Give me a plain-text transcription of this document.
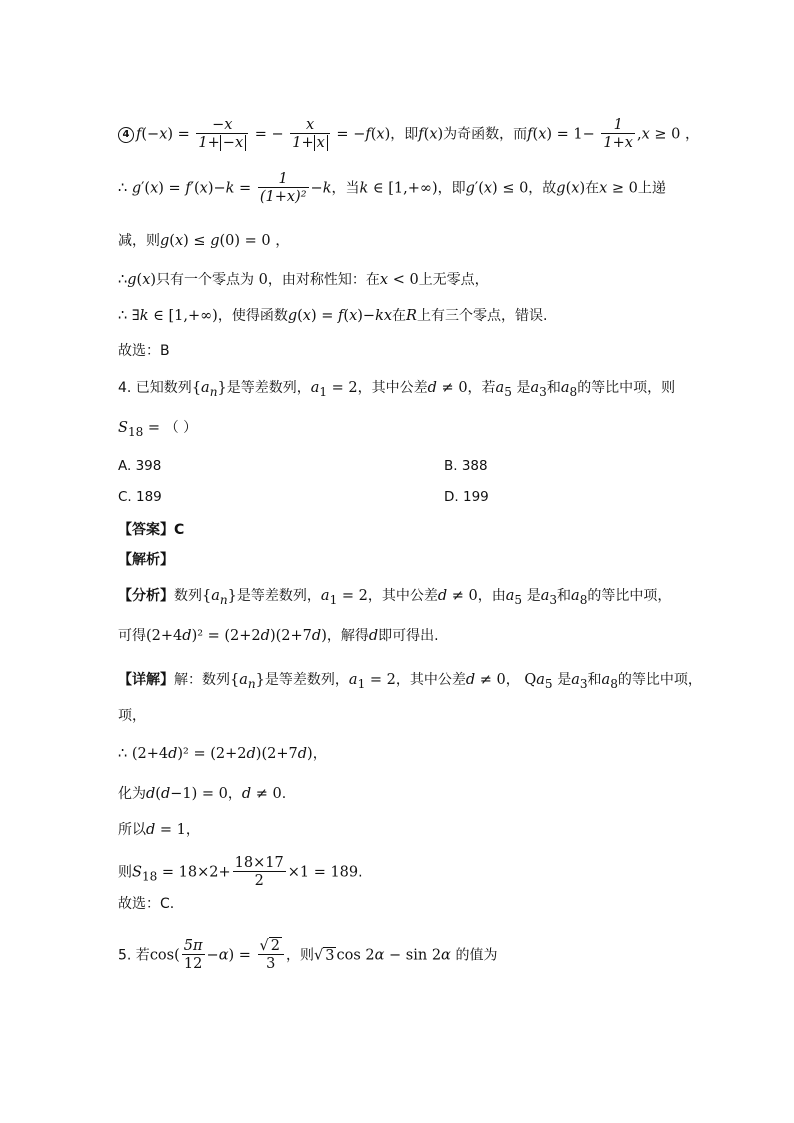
4 $f(-x) = \frac{-x}{1+ -x}$ = − $\frac{x}{1+ x} = -f(x)$，即f(x)为奇函数，而$f(x) = 1- \frac{1}{1+x} ,x \ge 0$ ，
∴ $g'(x) = f'(x)-k = \frac{1}{\text{(1+x)²}} -k$，当k ∈ [1,+∞)，即g′(x) ≤ 0，故g(x)在x ≥ 0上递
减，则g(x) ≤ g(0) = 0 ，
∴g(x)只有一个零点为 0，由对称性知：在x < 0上无零点，
∴ ∃k ∈ [1,+∞)，使得函数g(x) = f(x)−kx在R上有三个零点，错误.
故选：B
4. 已知数列$\{a_n\}$是等差数列，$a_1 = 2$，其中公差d ≠ 0，若$a_5$ 是$a_3$和$a_8$的等比中项，则
$S_{18}$ = （ ）
A. 398	B. 388
C. 189	D. 199
【答案】C
【解析】
【分析】数列$\{a_n\}$是等差数列，$a_1 = 2$，其中公差d ≠ 0，由$a_5$ 是$a_3$和$a_8$的等比中项，
可得(2+4d)² = (2+2d)(2+7d)，解得d即可得出.
【详解】解：数列$\{a_n\}$是等差数列，$a_1 = 2$，其中公差d ≠ 0， $Qa_5$ 是$a_3$和$a_8$的等比中项，
项，
∴ (2+4d)² = (2+2d)(2+7d)，
化为d(d−1) = 0，d ≠ 0.
所以d = 1，
则$S_{18} = 18\times 2+ \frac{18\times 17}{2} \times 1 = 189$.
故选：C.
5. 若$\cos( \frac{5\pi}{12} -\alpha) = \frac{√ 2}{3}$ ，则√ 3 cos 2α − sin 2α 的值为
